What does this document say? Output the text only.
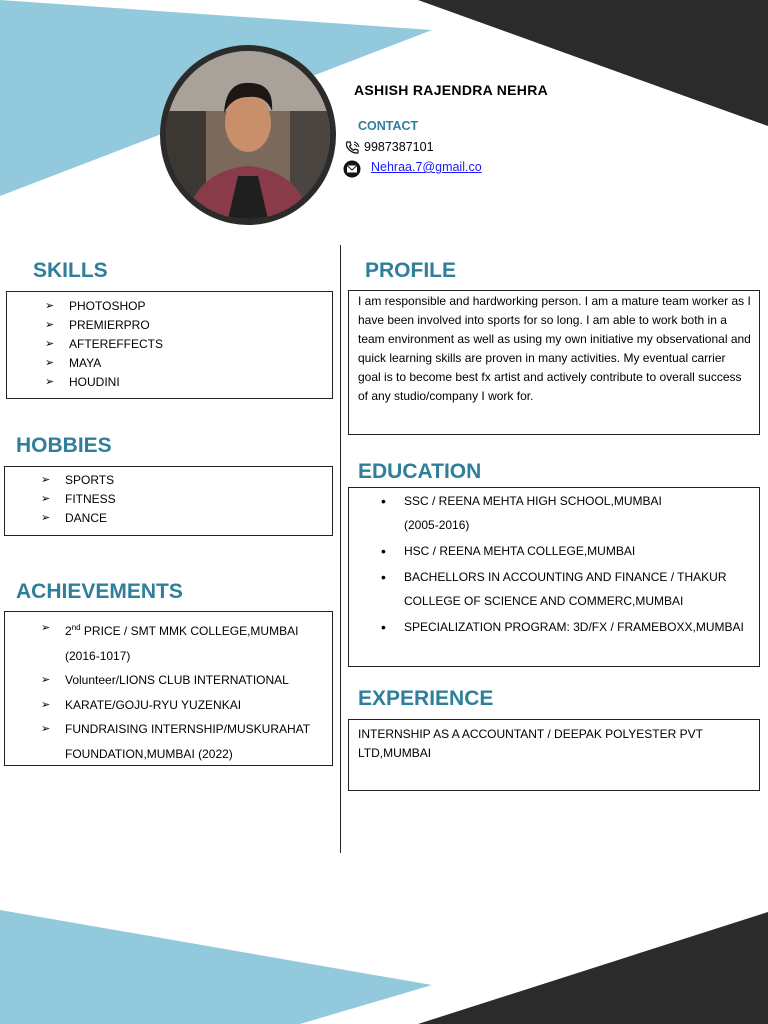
ASHISH RAJENDRA NEHRA
CONTACT
9987387101
Nehraa.7@gmail.co
SKILLS
➢ PHOTOSHOP
➢ PREMIERPRO
➢ AFTEREFFECTS
➢ MAYA
➢ HOUDINI
HOBBIES
➢ SPORTS
➢ FITNESS
➢ DANCE
ACHIEVEMENTS
➢ 2nd PRICE / SMT MMK COLLEGE,MUMBAI (2016-1017)
➢ Volunteer/LIONS CLUB INTERNATIONAL
➢ KARATE/GOJU-RYU YUZENKAI
➢ FUNDRAISING INTERNSHIP/MUSKURAHAT FOUNDATION,MUMBAI (2022)
PROFILE
I am responsible and hardworking person. I am a mature team worker as I have been involved into sports for so long. I am able to work both in a team environment as well as using my own initiative my observational and quick learning skills are proven in many activities. My eventual carrier goal is to become best fx artist and actively contribute to overall success of any studio/company I work for.
EDUCATION
• SSC / REENA MEHTA HIGH SCHOOL,MUMBAI (2005-2016)
• HSC / REENA MEHTA COLLEGE,MUMBAI
• BACHELLORS IN ACCOUNTING AND FINANCE / THAKUR COLLEGE OF SCIENCE AND COMMERC,MUMBAI
• SPECIALIZATION PROGRAM: 3D/FX / FRAMEBOXX,MUMBAI
EXPERIENCE
INTERNSHIP AS A ACCOUNTANT / DEEPAK POLYESTER PVT LTD,MUMBAI
